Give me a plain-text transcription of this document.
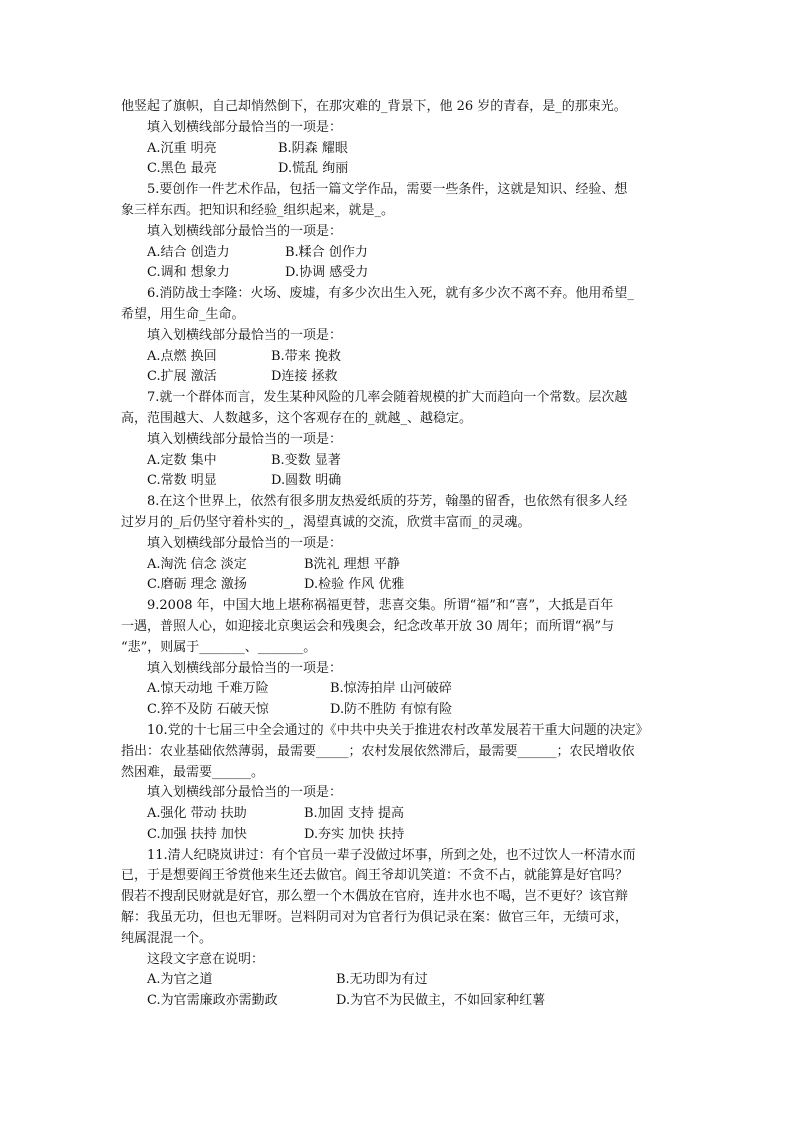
他竖起了旗帜，自己却悄然倒下，在那灾难的_背景下，他 26 岁的青春，是_的那束光。
填入划横线部分最恰当的一项是：
A.沉重 明亮	B.阴森 耀眼
C.黑色 最亮	D.慌乱 绚丽
5.要创作一件艺术作品，包括一篇文学作品，需要一些条件，这就是知识、经验、想
象三样东西。把知识和经验_组织起来，就是_。
填入划横线部分最恰当的一项是：
A.结合 创造力	B.糅合 创作力
C.调和 想象力	D.协调 感受力
6.消防战士李隆：火场、废墟，有多少次出生入死，就有多少次不离不弃。他用希望_
希望，用生命_生命。
填入划横线部分最恰当的一项是：
A.点燃 换回	B.带来 挽救
C.扩展 激活	D连接 拯救
7.就一个群体而言，发生某种风险的几率会随着规模的扩大而趋向一个常数。层次越
高，范围越大、人数越多，这个客观存在的_就越_、越稳定。
填入划横线部分最恰当的一项是：
A.定数 集中	B.变数 显著
C.常数 明显	D.圆数 明确
8.在这个世界上，依然有很多朋友热爱纸质的芬芳，翰墨的留香，也依然有很多人经
过岁月的_后仍坚守着朴实的_，渴望真诚的交流，欣赏丰富而_的灵魂。
填入划横线部分最恰当的一项是：
A.淘洗 信念 淡定	B洗礼 理想 平静
C.磨砺 理念 激扬	D.检验 作风 优雅
9.2008 年，中国大地上堪称祸福更替，悲喜交集。所谓“福”和“喜”，大抵是百年
一遇，普照人心，如迎接北京奥运会和残奥会，纪念改革开放 30 周年；而所谓“祸”与
“悲”，则属于_______、_______。
填入划横线部分最恰当的一项是：
A.惊天动地 千难万险	B.惊涛拍岸 山河破碎
C.猝不及防 石破天惊	D.防不胜防 有惊有险
10.党的十七届三中全会通过的《中共中央关于推进农村改革发展若干重大问题的决定》
指出：农业基础依然薄弱，最需要_____；农村发展依然滞后，最需要______；农民增收依
然困难，最需要______。
填入划横线部分最恰当的一项是：
A.强化 带动 扶助	B.加固 支持 提高
C.加强 扶持 加快	D.夯实 加快 扶持
11.清人纪晓岚讲过：有个官员一辈子没做过坏事，所到之处，也不过饮人一杯清水而
已，于是想要阎王爷赏他来生还去做官。阎王爷却讥笑道：不贪不占，就能算是好官吗？
假若不搜刮民财就是好官，那么塑一个木偶放在官府，连井水也不喝，岂不更好？该官辩
解：我虽无功，但也无罪呀。岂料阴司对为官者行为俱记录在案：做官三年，无绩可求，
纯属混混一个。
这段文字意在说明：
A.为官之道	B.无功即为有过
C.为官需廉政亦需勤政	D.为官不为民做主，不如回家种红薯
